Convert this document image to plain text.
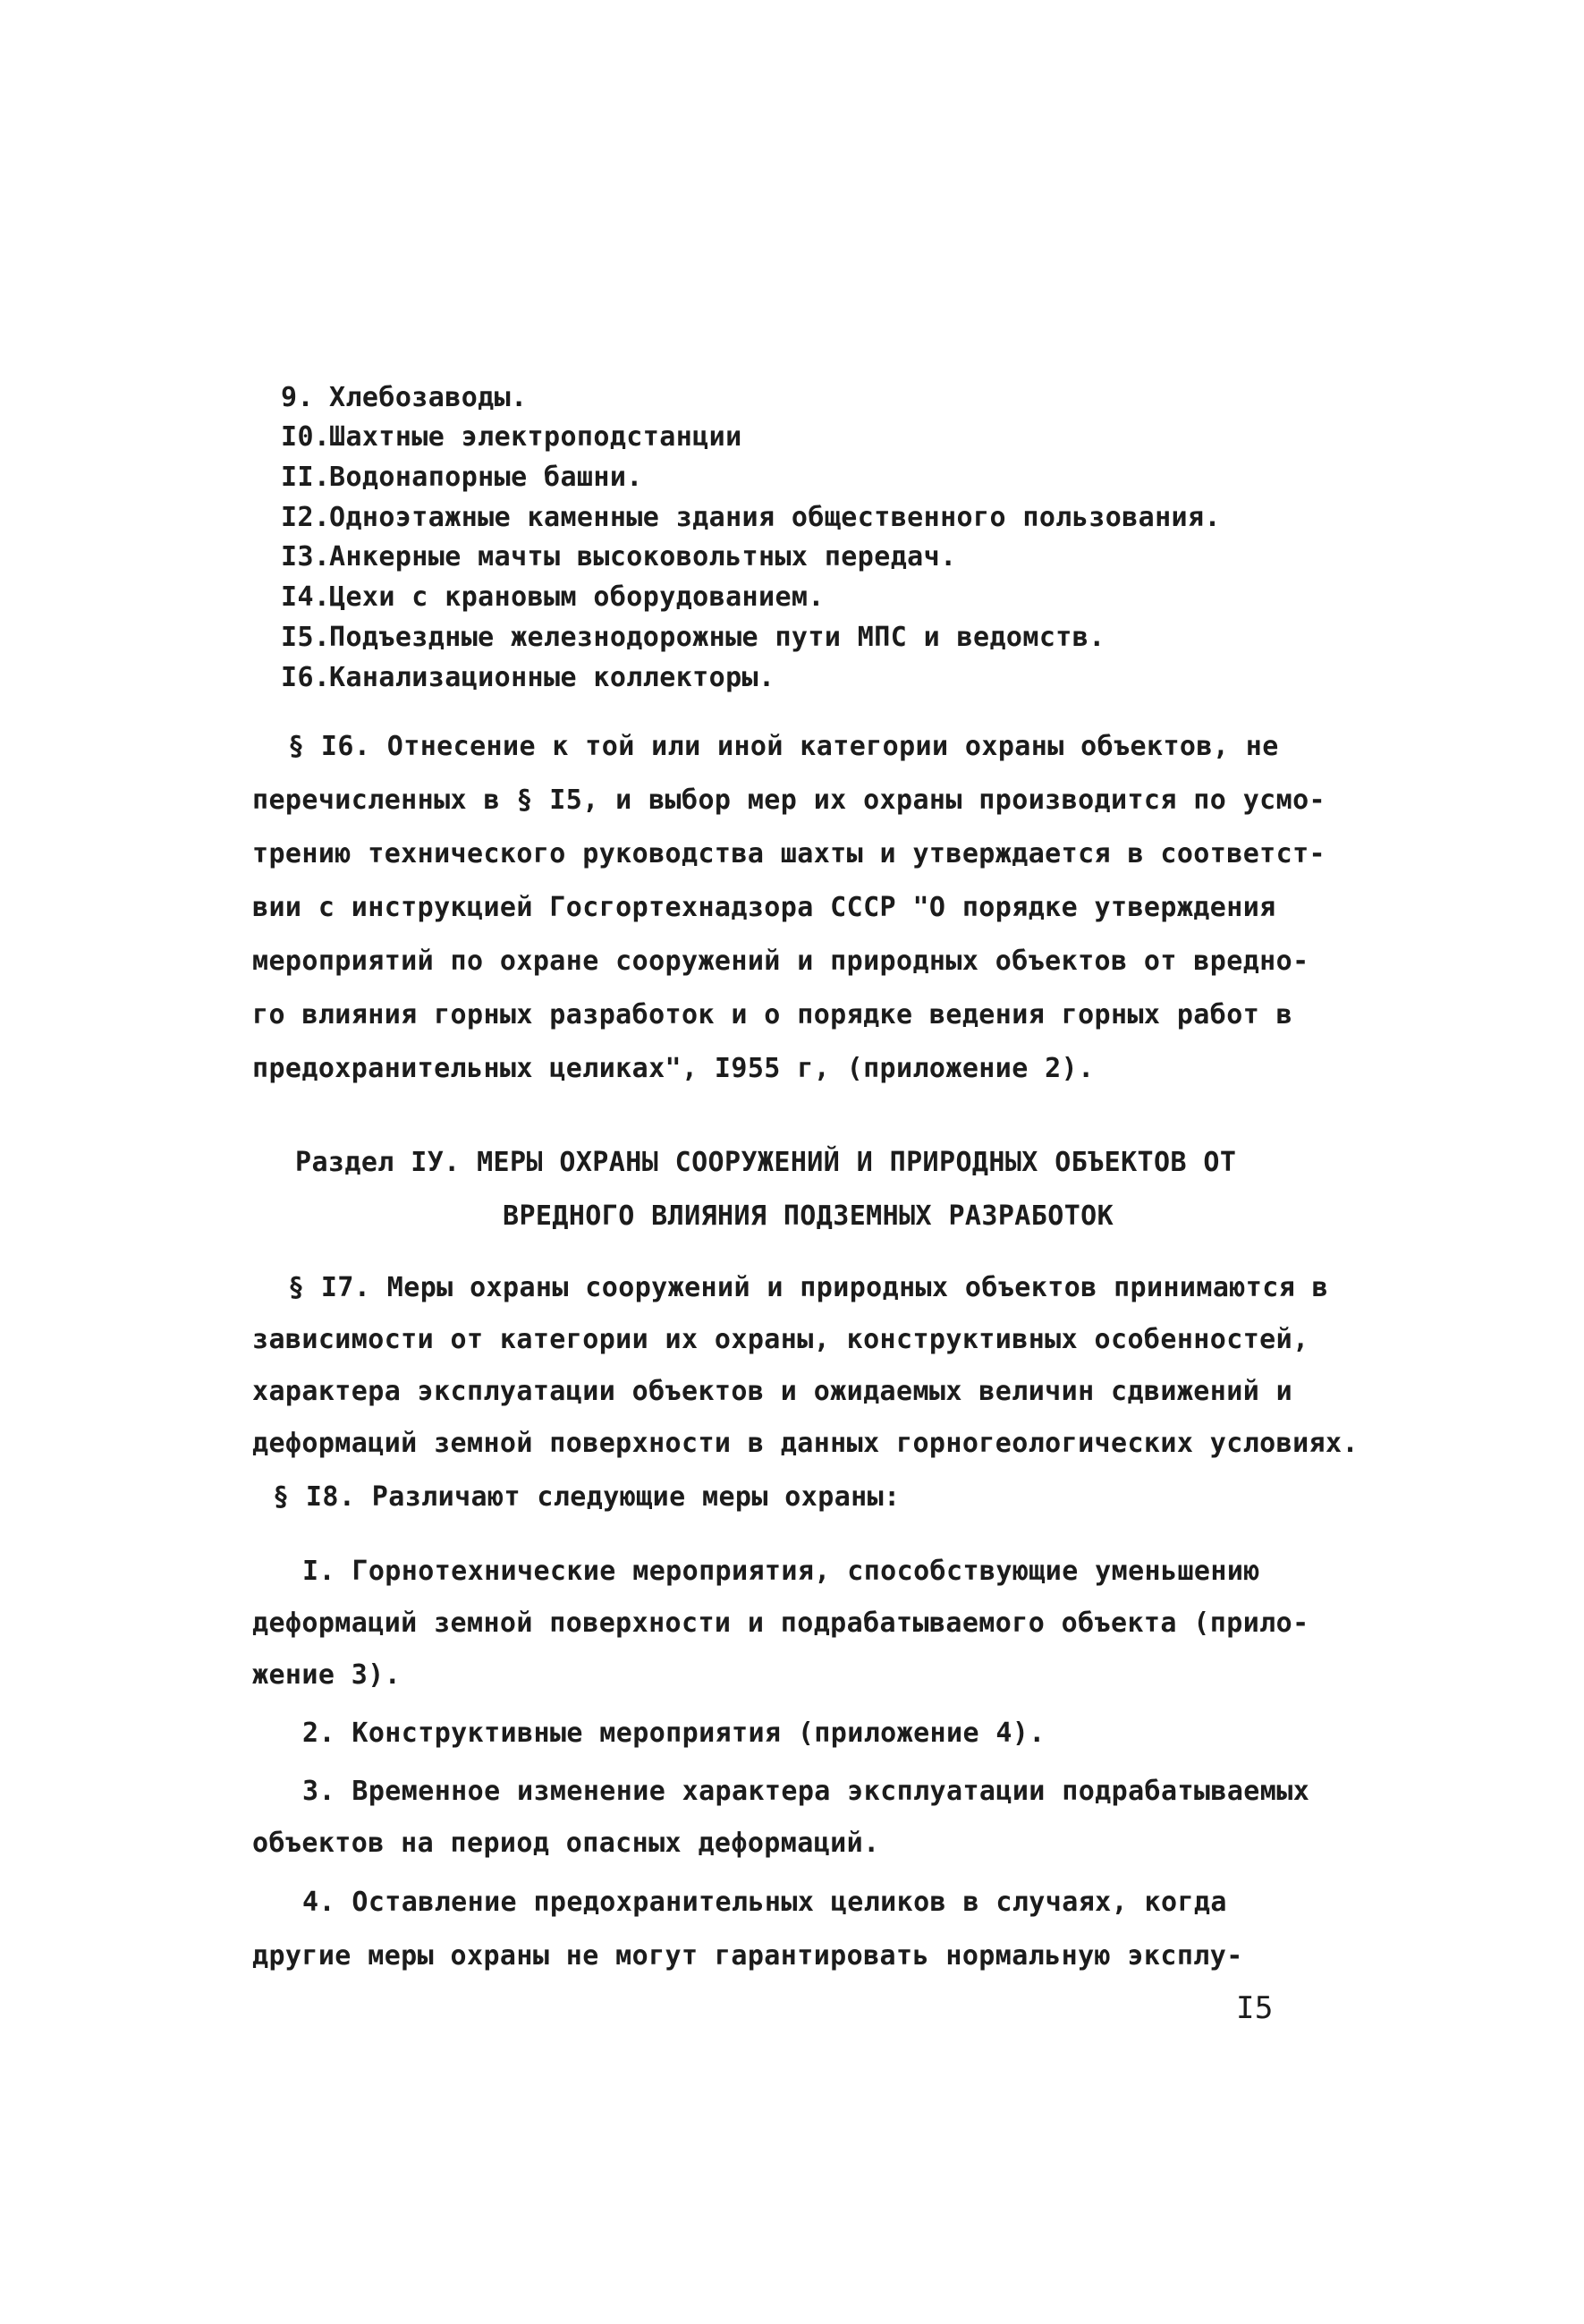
9. Хлебозаводы.
I0.Шахтные электроподстанции
II.Водонапорные башни.
I2.Одноэтажные каменные здания общественного пользования.
I3.Анкерные мачты высоковольтных передач.
I4.Цехи с крановым оборудованием.
I5.Подъездные железнодорожные пути МПС и ведомств.
I6.Канализационные коллекторы.
§ I6. Отнесение к той или иной категории охраны объектов, не
перечисленных в § I5, и выбор мер их охраны производится по усмо-
трению технического руководства шахты и утверждается в соответст-
вии с инструкцией Госгортехнадзора СССР "О порядке утверждения
мероприятий по охране сооружений и природных объектов от вредно-
го влияния горных разработок и о порядке ведения горных работ в
предохранительных целиках", I955 г, (приложение 2).
Раздел IУ. МЕРЫ ОХРАНЫ СООРУЖЕНИЙ И ПРИРОДНЫХ ОБЪЕКТОВ ОТ
ВРЕДНОГО ВЛИЯНИЯ ПОДЗЕМНЫХ РАЗРАБОТОК
§ I7. Меры охраны сооружений и природных объектов принимаются в
зависимости от категории их охраны, конструктивных особенностей,
характера эксплуатации объектов и ожидаемых величин сдвижений и
деформаций земной поверхности в данных горногеологических условиях.
§ I8. Различают следующие меры охраны:
I. Горнотехнические мероприятия, способствующие уменьшению
деформаций земной поверхности и подрабатываемого объекта (прило-
жение 3).
2. Конструктивные мероприятия (приложение 4).
3. Временное изменение характера эксплуатации подрабатываемых
объектов на период опасных деформаций.
4. Оставление предохранительных целиков в случаях, когда
другие меры охраны не могут гарантировать нормальную эксплу-
I5
